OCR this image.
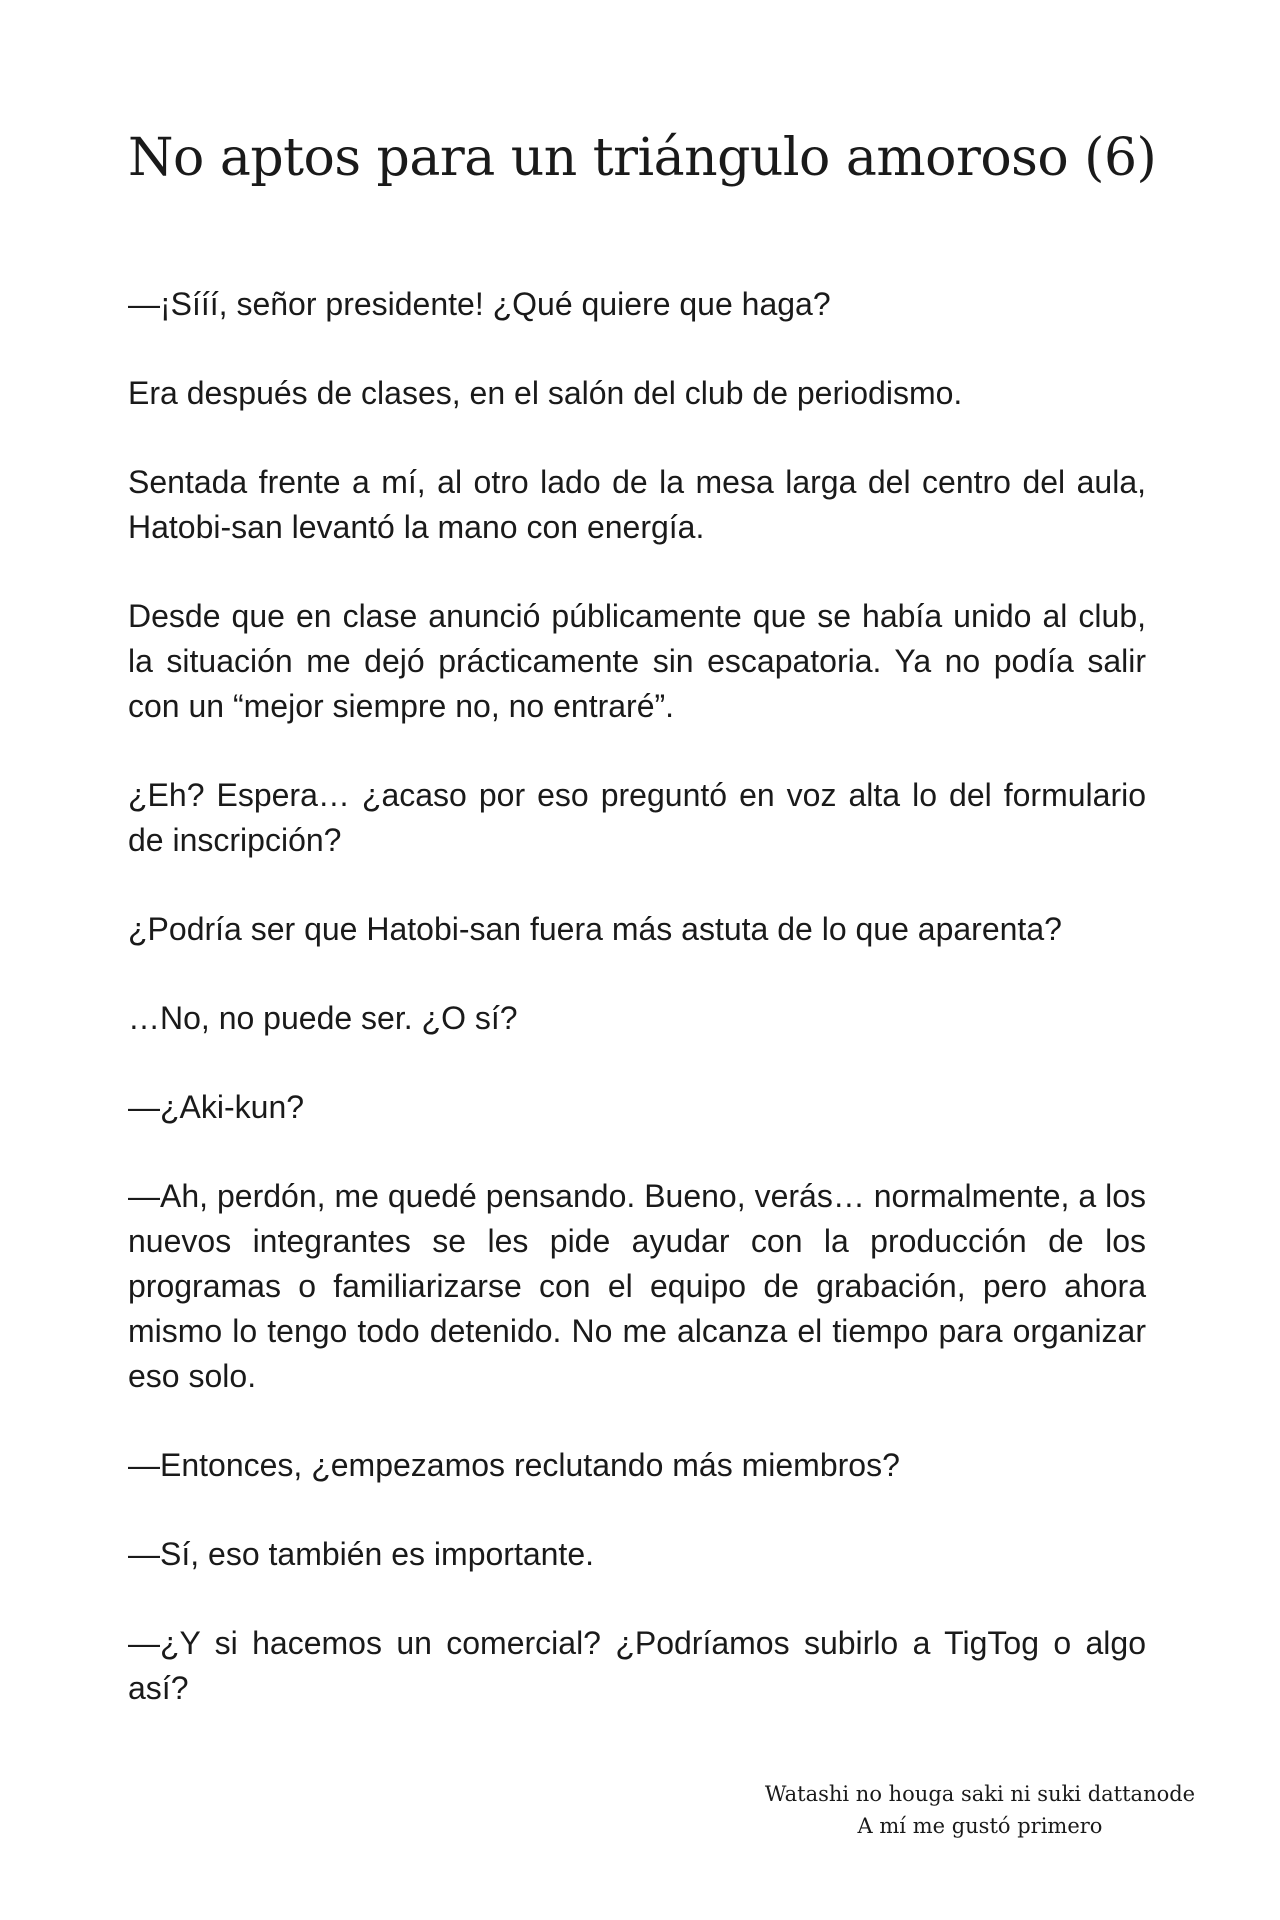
No aptos para un triángulo amoroso (6)

—¡Sííí, señor presidente! ¿Qué quiere que haga?

Era después de clases, en el salón del club de periodismo.

Sentada frente a mí, al otro lado de la mesa larga del centro del aula, Hatobi-san levantó la mano con energía.

Desde que en clase anunció públicamente que se había unido al club, la situación me dejó prácticamente sin escapatoria. Ya no podía salir con un “mejor siempre no, no entraré”.

¿Eh? Espera… ¿acaso por eso preguntó en voz alta lo del formulario de inscripción?

¿Podría ser que Hatobi-san fuera más astuta de lo que aparenta?

…No, no puede ser. ¿O sí?

—¿Aki-kun?

—Ah, perdón, me quedé pensando. Bueno, verás… normalmente, a los nuevos integrantes se les pide ayudar con la producción de los programas o familiarizarse con el equipo de grabación, pero ahora mismo lo tengo todo detenido. No me alcanza el tiempo para organizar eso solo.

—Entonces, ¿empezamos reclutando más miembros?

—Sí, eso también es importante.

—¿Y si hacemos un comercial? ¿Podríamos subirlo a TigTog o algo así?

Watashi no houga saki ni suki dattanode
A mí me gustó primero
